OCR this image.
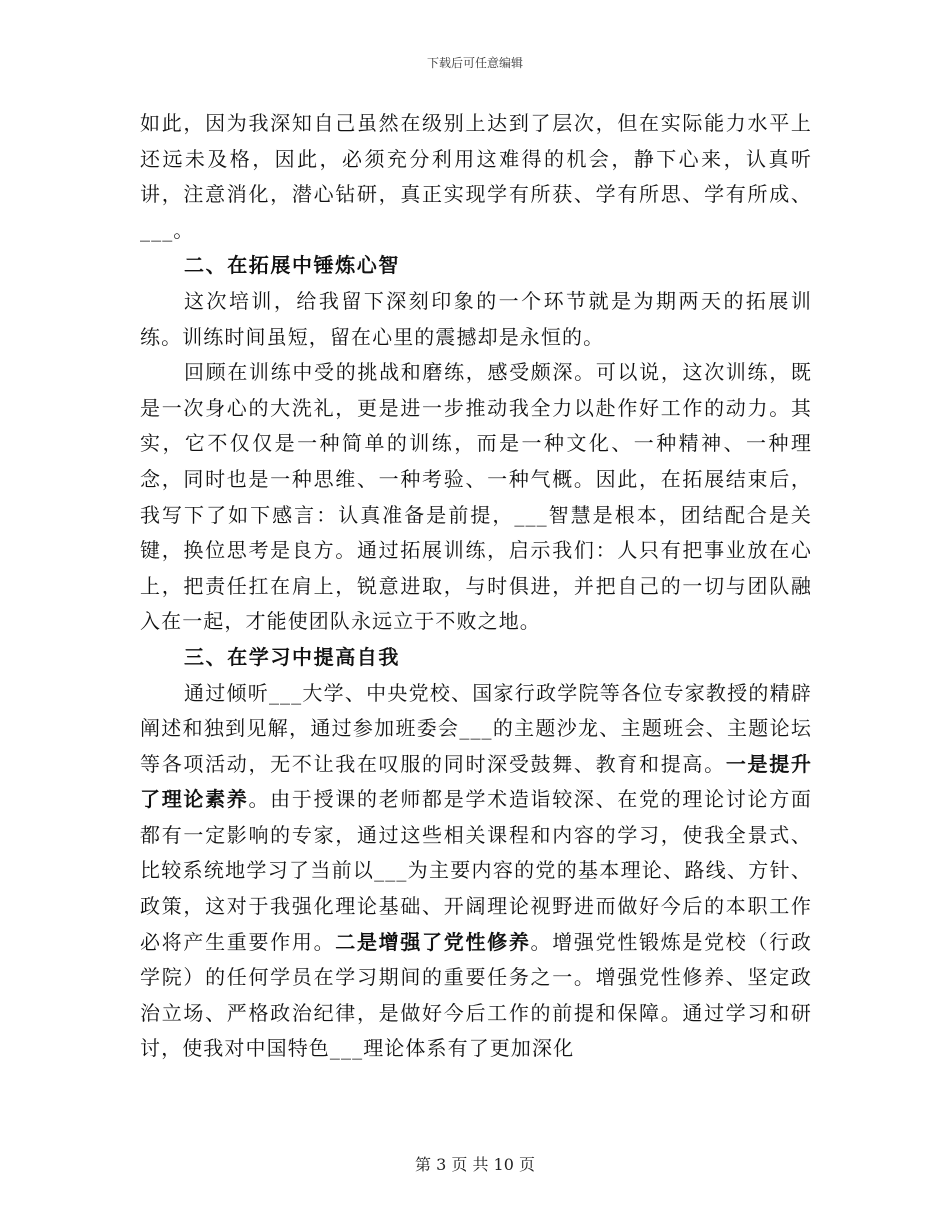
下载后可任意编辑

如此，因为我深知自己虽然在级别上达到了层次，但在实际能力水平上还远未及格，因此，必须充分利用这难得的机会，静下心来，认真听讲，注意消化，潜心钻研，真正实现学有所获、学有所思、学有所成、___。

二、在拓展中锤炼心智

这次培训，给我留下深刻印象的一个环节就是为期两天的拓展训练。训练时间虽短，留在心里的震撼却是永恒的。

回顾在训练中受的挑战和磨练，感受颇深。可以说，这次训练，既是一次身心的大洗礼，更是进一步推动我全力以赴作好工作的动力。其实，它不仅仅是一种简单的训练，而是一种文化、一种精神、一种理念，同时也是一种思维、一种考验、一种气概。因此，在拓展结束后，我写下了如下感言：认真准备是前提，___智慧是根本，团结配合是关键，换位思考是良方。通过拓展训练，启示我们：人只有把事业放在心上，把责任扛在肩上，锐意进取，与时俱进，并把自己的一切与团队融入在一起，才能使团队永远立于不败之地。

三、在学习中提高自我

通过倾听___大学、中央党校、国家行政学院等各位专家教授的精辟阐述和独到见解，通过参加班委会___的主题沙龙、主题班会、主题论坛等各项活动，无不让我在叹服的同时深受鼓舞、教育和提高。一是提升了理论素养。由于授课的老师都是学术造诣较深、在党的理论讨论方面都有一定影响的专家，通过这些相关课程和内容的学习，使我全景式、比较系统地学习了当前以___为主要内容的党的基本理论、路线、方针、政策，这对于我强化理论基础、开阔理论视野进而做好今后的本职工作必将产生重要作用。二是增强了党性修养。增强党性锻炼是党校（行政学院）的任何学员在学习期间的重要任务之一。增强党性修养、坚定政治立场、严格政治纪律，是做好今后工作的前提和保障。通过学习和研讨，使我对中国特色___理论体系有了更加深化

第 3 页 共 10 页
